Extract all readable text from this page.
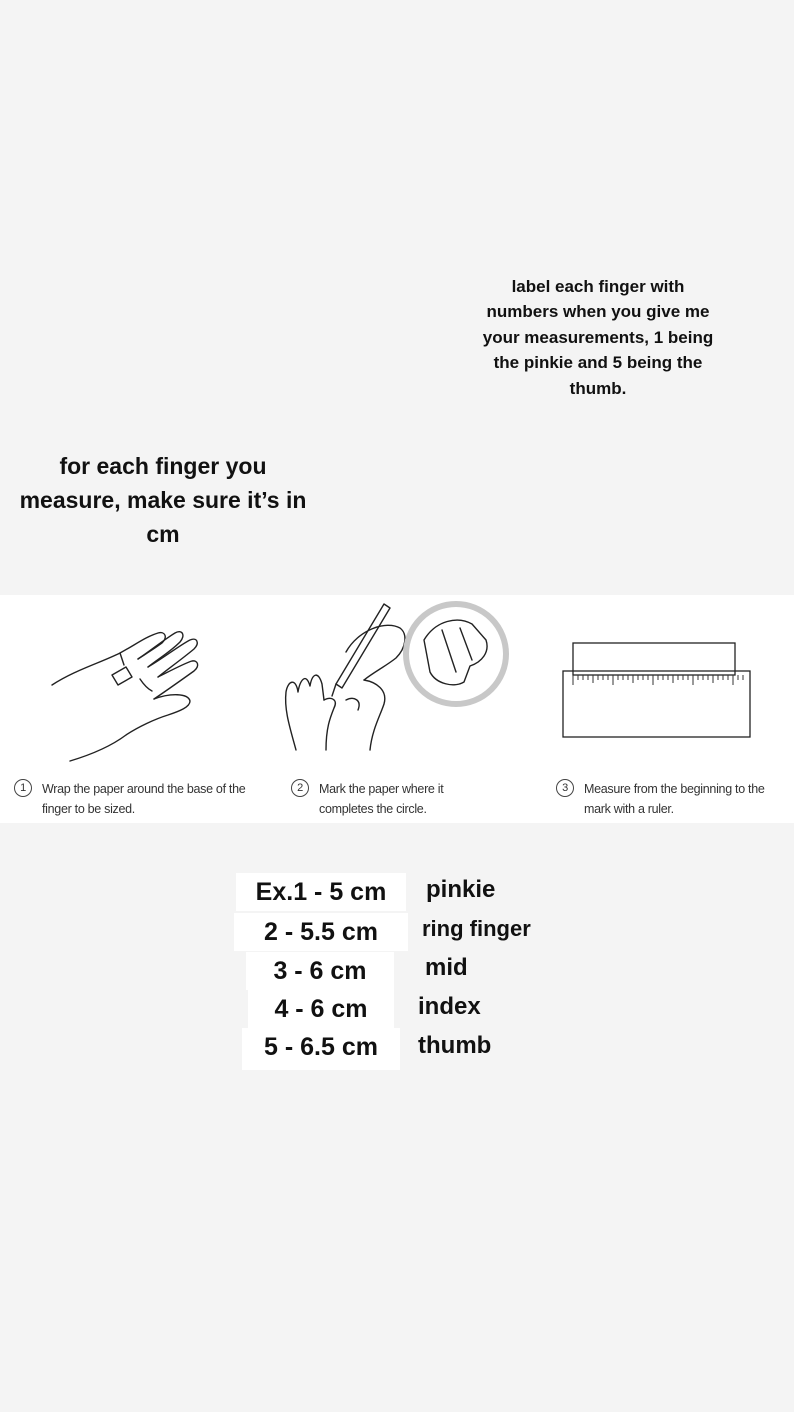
label each finger with numbers when you give me your measurements, 1 being the pinkie and 5 being the thumb.
for each finger you measure, make sure it’s in cm
1	Wrap the paper around the base of the finger to be sized.
2	Mark the paper where it completes the circle.
3	Measure from the beginning to the mark with a ruler.
Ex.1 - 5 cm	pinkie
2 - 5.5 cm	ring finger
3 - 6 cm	mid
4 - 6 cm	index
5 - 6.5 cm	thumb
